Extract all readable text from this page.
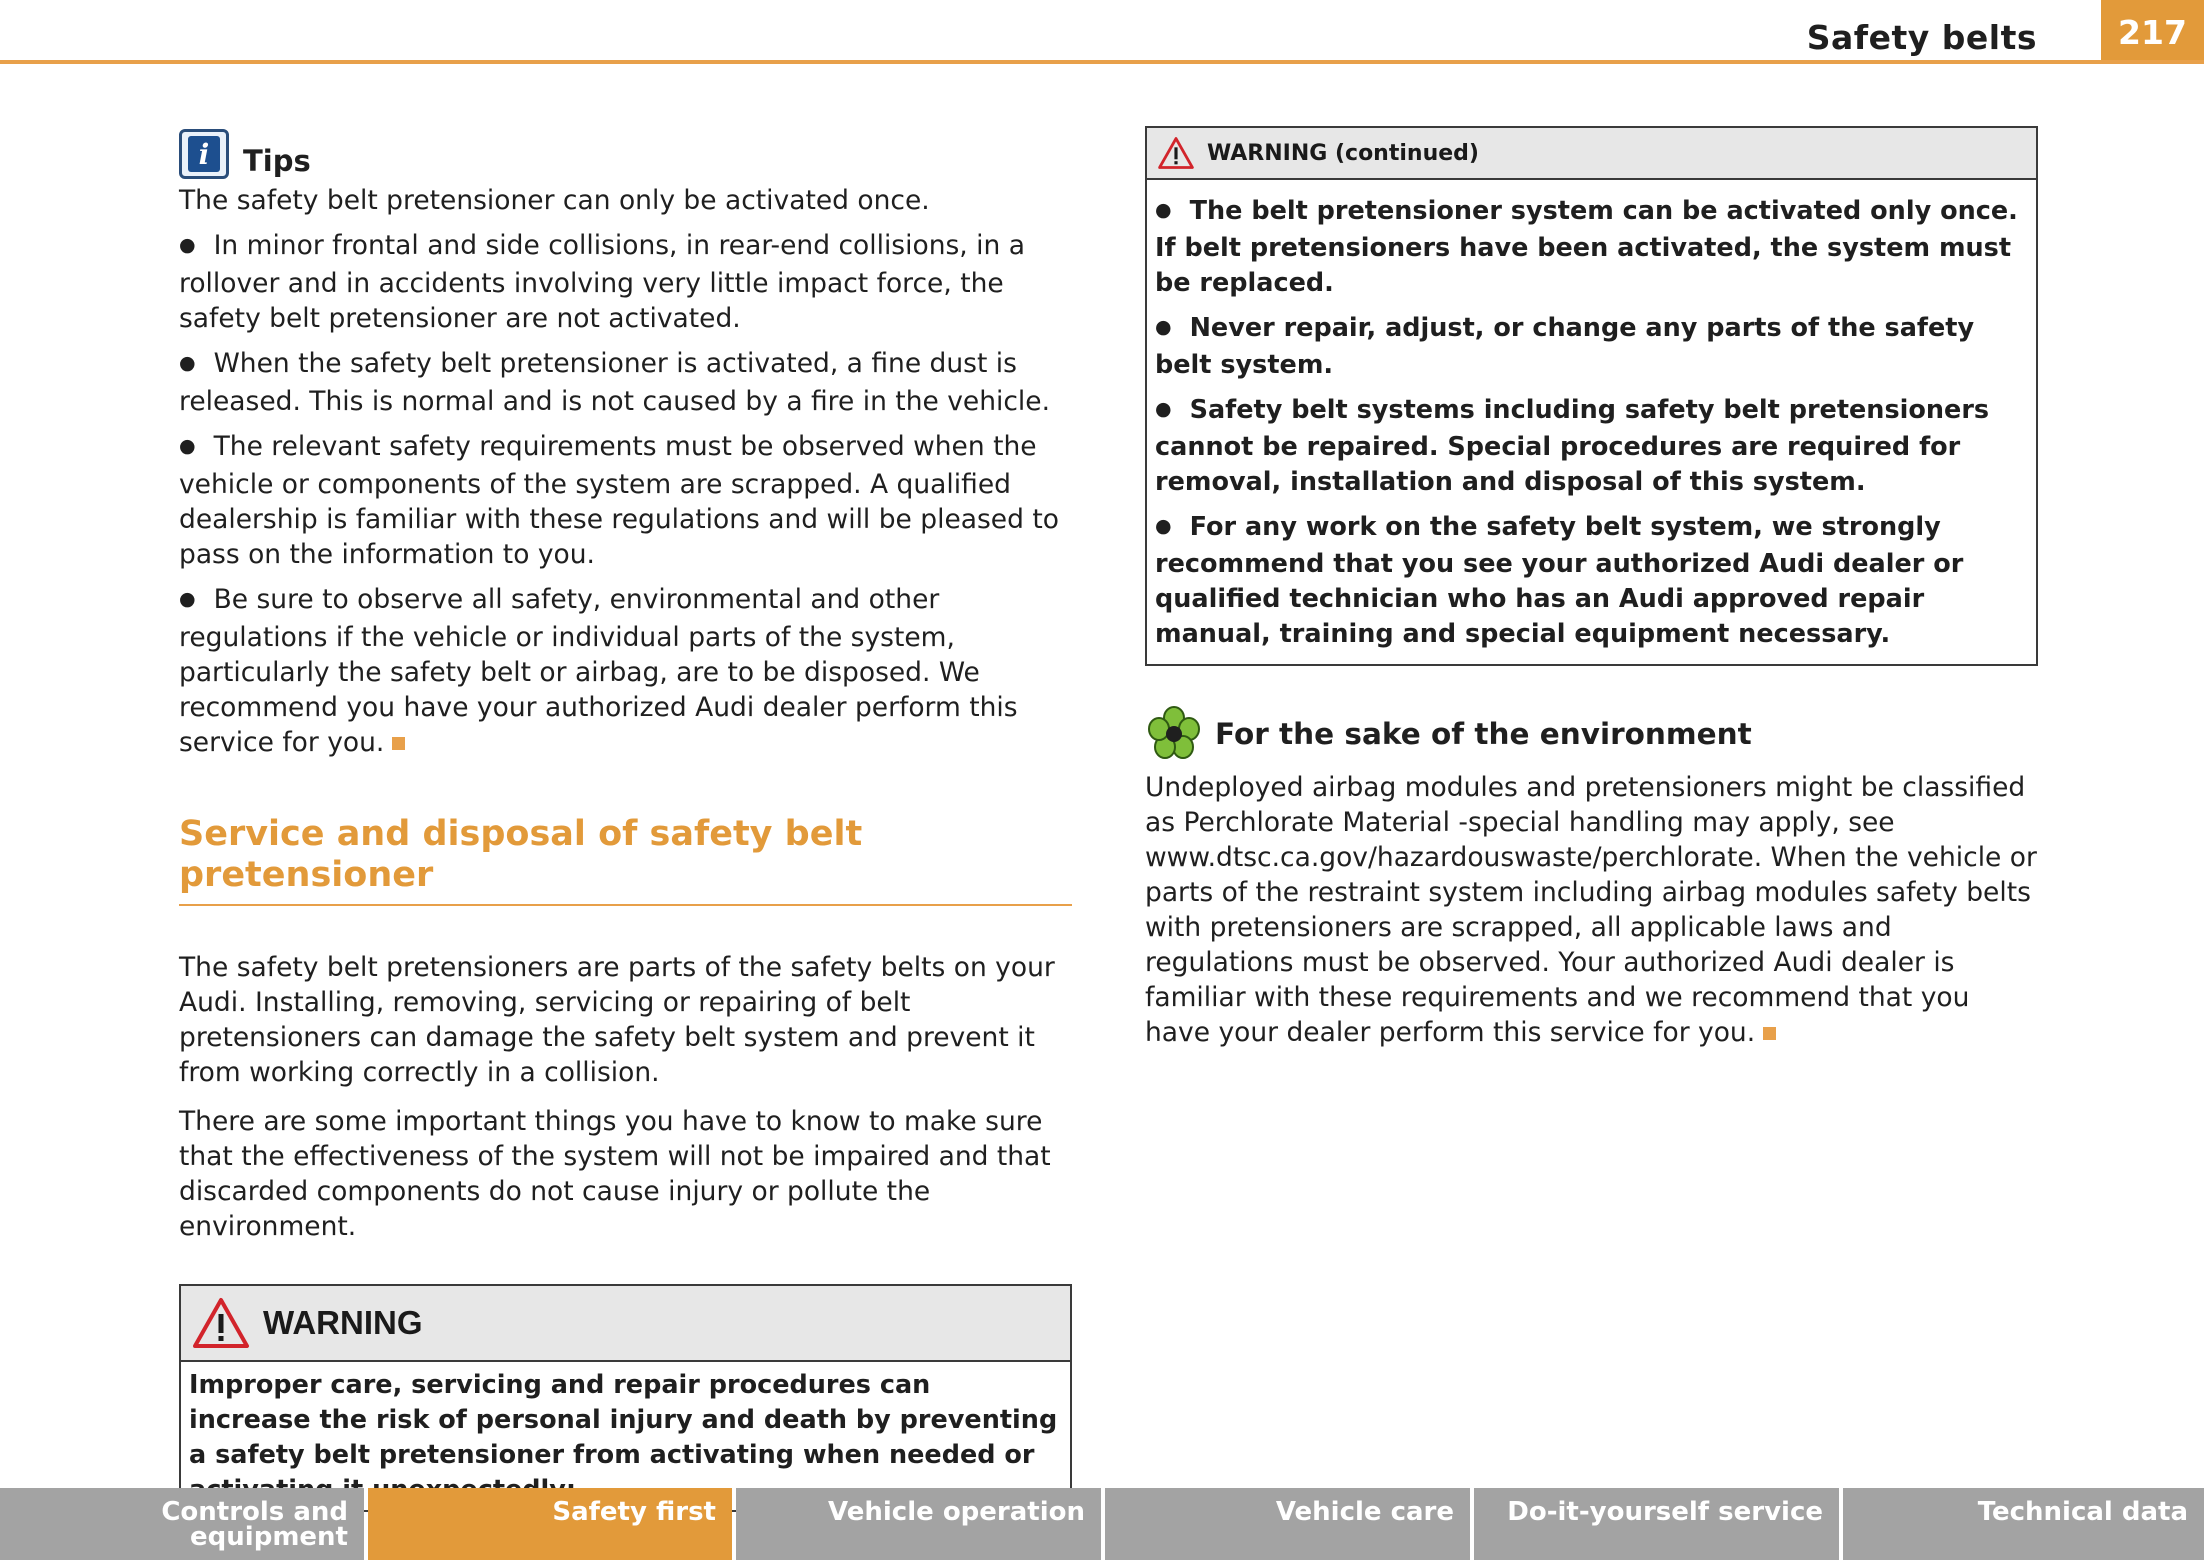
Safety belts	217
i	Tips

The safety belt pretensioner can only be activated once.

● In minor frontal and side collisions, in rear-end collisions, in a rollover and in accidents involving very little impact force, the safety belt pretensioner are not activated.

● When the safety belt pretensioner is activated, a fine dust is released. This is normal and is not caused by a fire in the vehicle.

● The relevant safety requirements must be observed when the vehicle or components of the system are scrapped. A qualified dealership is familiar with these regulations and will be pleased to pass on the information to you.

● Be sure to observe all safety, environmental and other regulations if the vehicle or individual parts of the system, particularly the safety belt or airbag, are to be disposed. We recommend you have your authorized Audi dealer perform this service for you.

Service and disposal of safety belt pretensioner

The safety belt pretensioners are parts of the safety belts on your Audi. Installing, removing, servicing or repairing of belt pretensioners can damage the safety belt system and prevent it from working correctly in a collision.

There are some important things you have to know to make sure that the effectiveness of the system will not be impaired and that discarded components do not cause injury or pollute the environment.

WARNING

Improper care, servicing and repair procedures can increase the risk of personal injury and death by preventing a safety belt pretensioner from activating when needed or

WARNING (continued)

● The belt pretensioner system can be activated only once. If belt pretensioners have been activated, the system must be replaced.

● Never repair, adjust, or change any parts of the safety belt system.

● Safety belt systems including safety belt pretensioners cannot be repaired. Special procedures are required for removal, installation and disposal of this system.

● For any work on the safety belt system, we strongly recommend that you see your authorized Audi dealer or qualified technician who has an Audi approved repair manual, training and special equipment necessary.

For the sake of the environment

Undeployed airbag modules and pretensioners might be classified as Perchlorate Material -special handling may apply, see www.dtsc.ca.gov/hazardouswaste/perchlorate. When the vehicle or parts of the restraint system including airbag modules safety belts with pretensioners are scrapped, all applicable laws and regulations must be observed. Your authorized Audi dealer is familiar with these requirements and we recommend that you have your dealer perform this service for you.

Controls and equipment
Safety first	Vehicle operation	Vehicle care	Do-it-yourself service	Technical data
